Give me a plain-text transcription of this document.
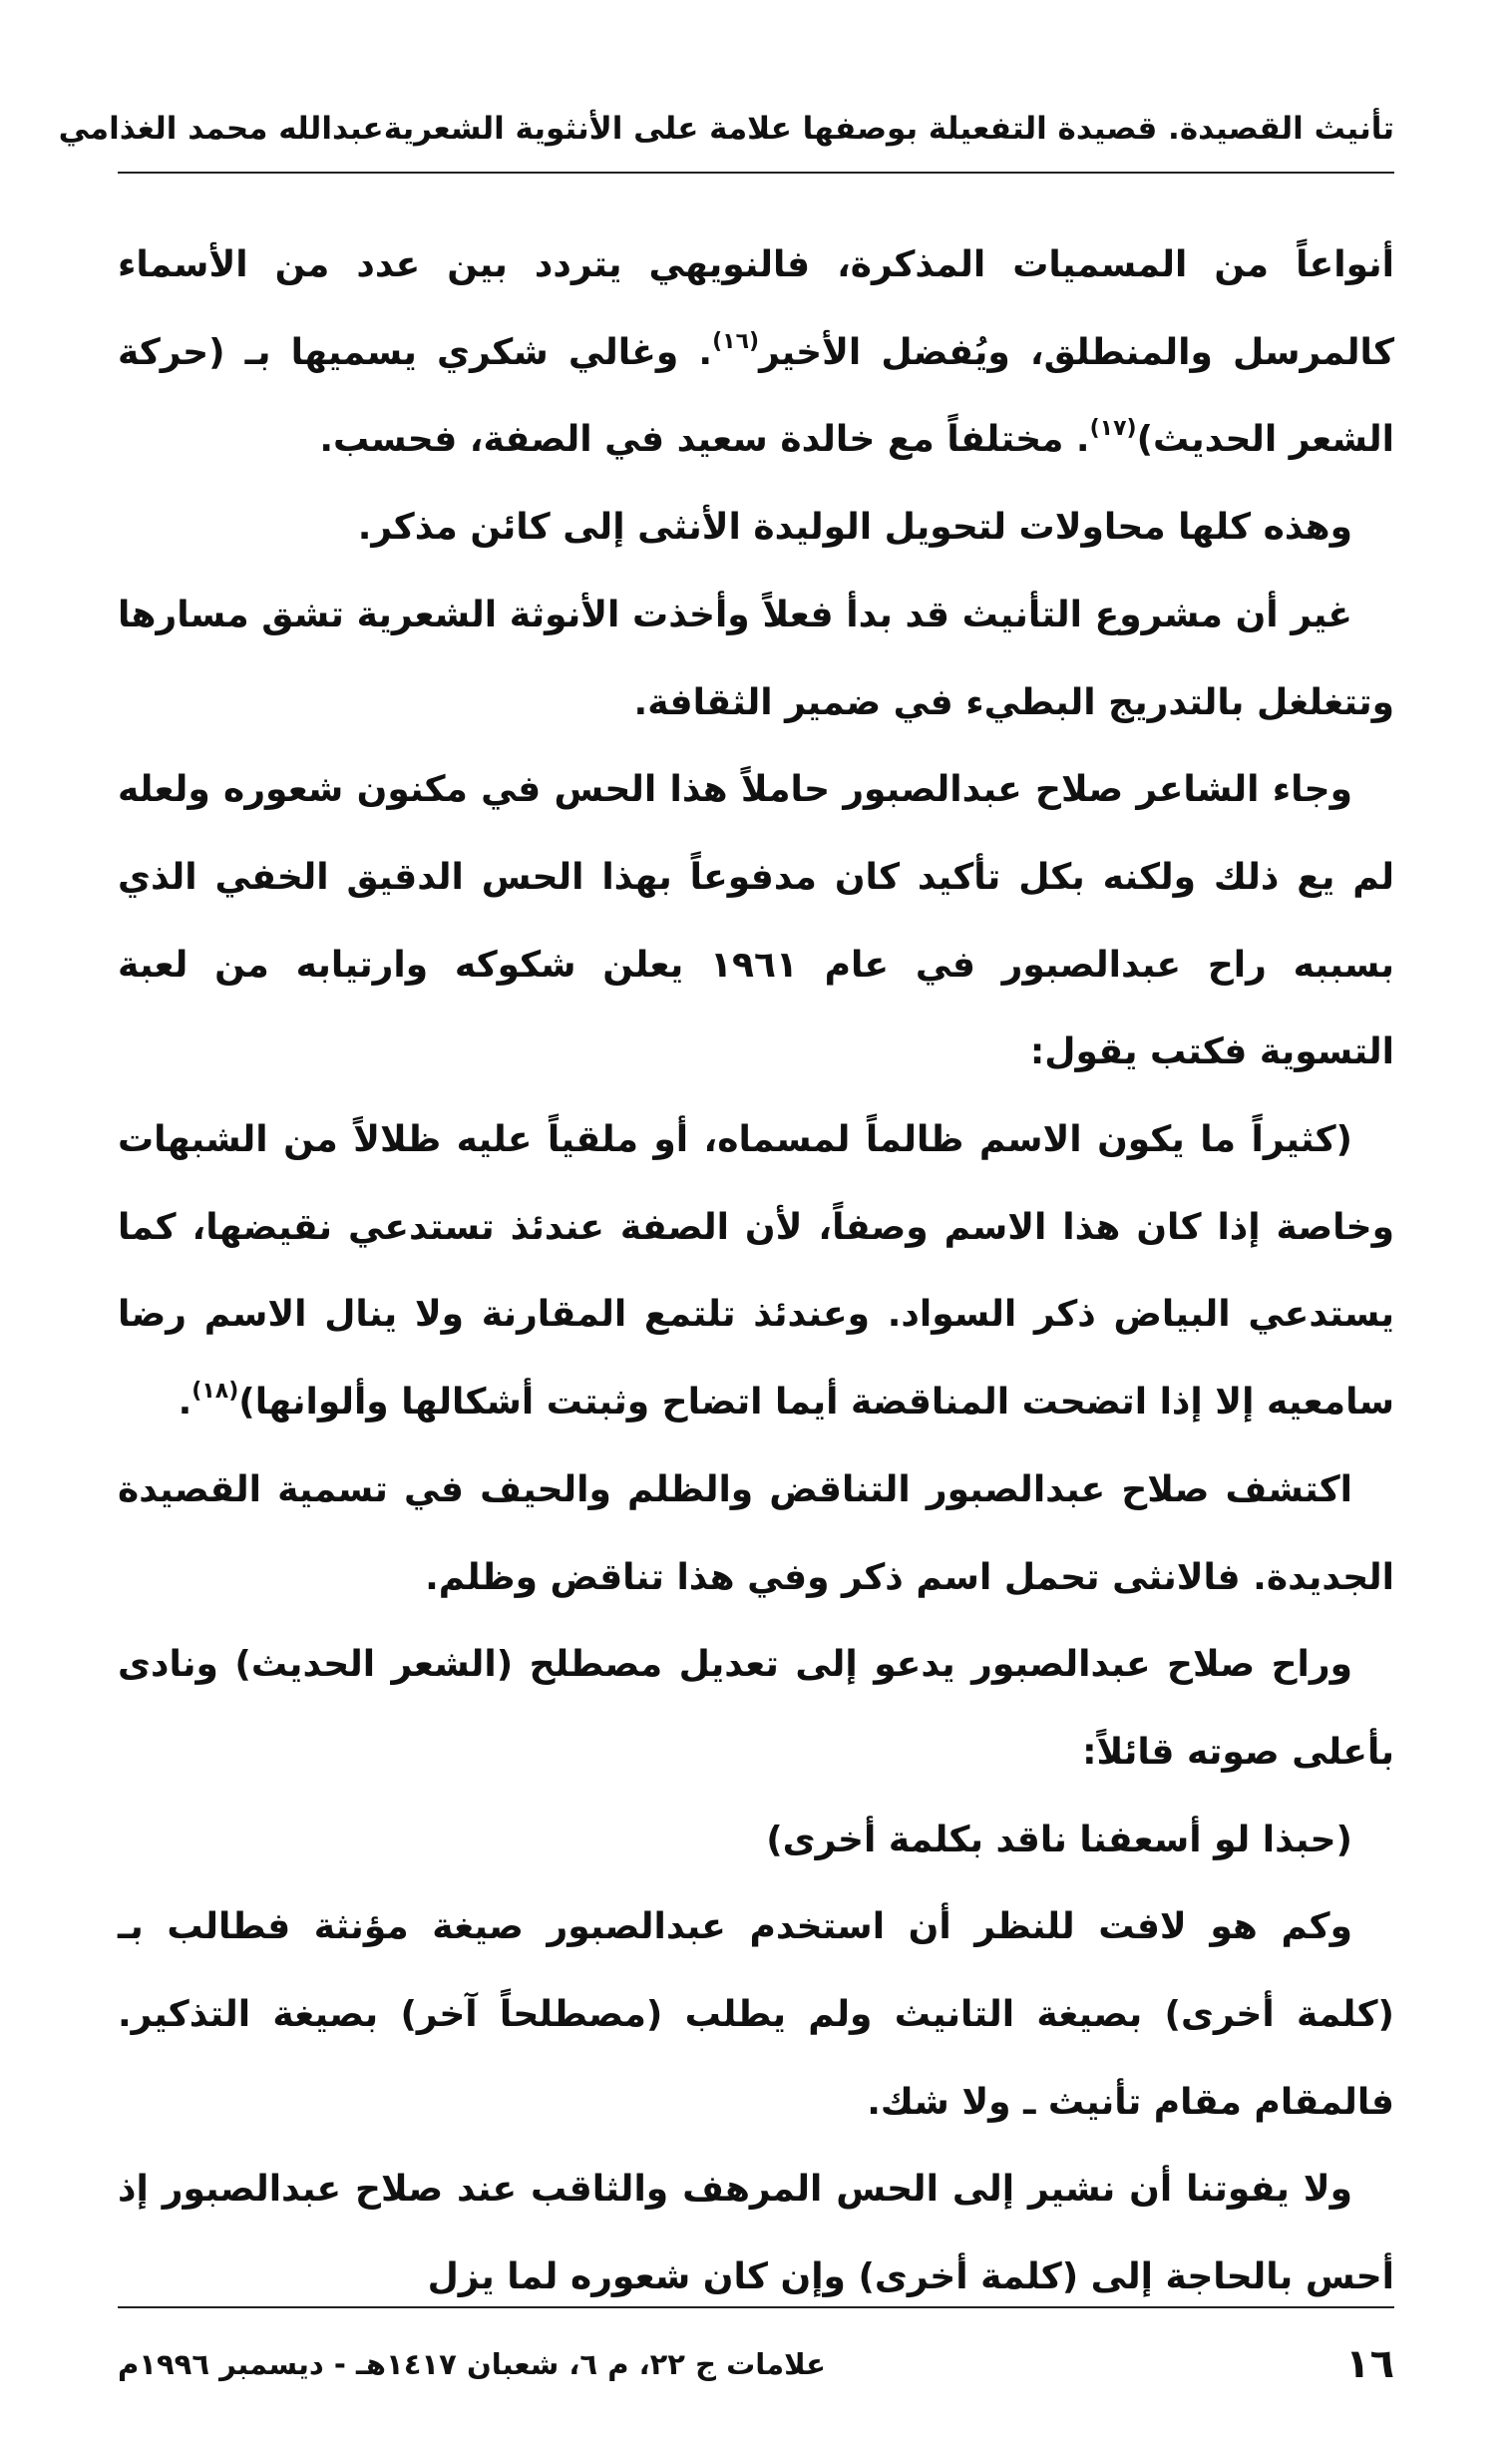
تأنيث القصيدة. قصيدة التفعيلة بوصفها علامة على الأنثوية الشعرية
عبدالله محمد الغذامي

أنواعاً من المسميات المذكرة، فالنويهي يتردد بين عدد من الأسماء كالمرسل والمنطلق، ويُفضل الأخير$^{(١٦)}$. وغالي شكري يسميها بـ (حركة الشعر الحديث)$^{(١٧)}$. مختلفاً مع خالدة سعيد في الصفة، فحسب.

وهذه كلها محاولات لتحويل الوليدة الأنثى إلى كائن مذكر.

غير أن مشروع التأنيث قد بدأ فعلاً وأخذت الأنوثة الشعرية تشق مسارها وتتغلغل بالتدريج البطيء في ضمير الثقافة.

وجاء الشاعر صلاح عبدالصبور حاملاً هذا الحس في مكنون شعوره ولعله لم يع ذلك ولكنه بكل تأكيد كان مدفوعاً بهذا الحس الدقيق الخفي الذي بسببه راح عبدالصبور في عام ١٩٦١ يعلن شكوكه وارتيابه من لعبة التسوية فكتب يقول:

(كثيراً ما يكون الاسم ظالماً لمسماه، أو ملقياً عليه ظلالاً من الشبهات وخاصة إذا كان هذا الاسم وصفاً، لأن الصفة عندئذ تستدعي نقيضها، كما يستدعي البياض ذكر السواد. وعندئذ تلتمع المقارنة ولا ينال الاسم رضا سامعيه إلا إذا اتضحت المناقضة أيما اتضاح وثبتت أشكالها وألوانها)$^{(١٨)}$.

اكتشف صلاح عبدالصبور التناقض والظلم والحيف في تسمية القصيدة الجديدة. فالانثى تحمل اسم ذكر وفي هذا تناقض وظلم.

وراح صلاح عبدالصبور يدعو إلى تعديل مصطلح (الشعر الحديث) ونادى بأعلى صوته قائلاً:

(حبذا لو أسعفنا ناقد بكلمة أخرى)

وكم هو لافت للنظر أن استخدم عبدالصبور صيغة مؤنثة فطالب بـ (كلمة أخرى) بصيغة التانيث ولم يطلب (مصطلحاً آخر) بصيغة التذكير. فالمقام مقام تأنيث ـ ولا شك.

ولا يفوتنا أن نشير إلى الحس المرهف والثاقب عند صلاح عبدالصبور إذ أحس بالحاجة إلى (كلمة أخرى) وإن كان شعوره لما يزل

١٦
علامات ج ٢٢، م ٦، شعبان ١٤١٧هـ - ديسمبر ١٩٩٦م
